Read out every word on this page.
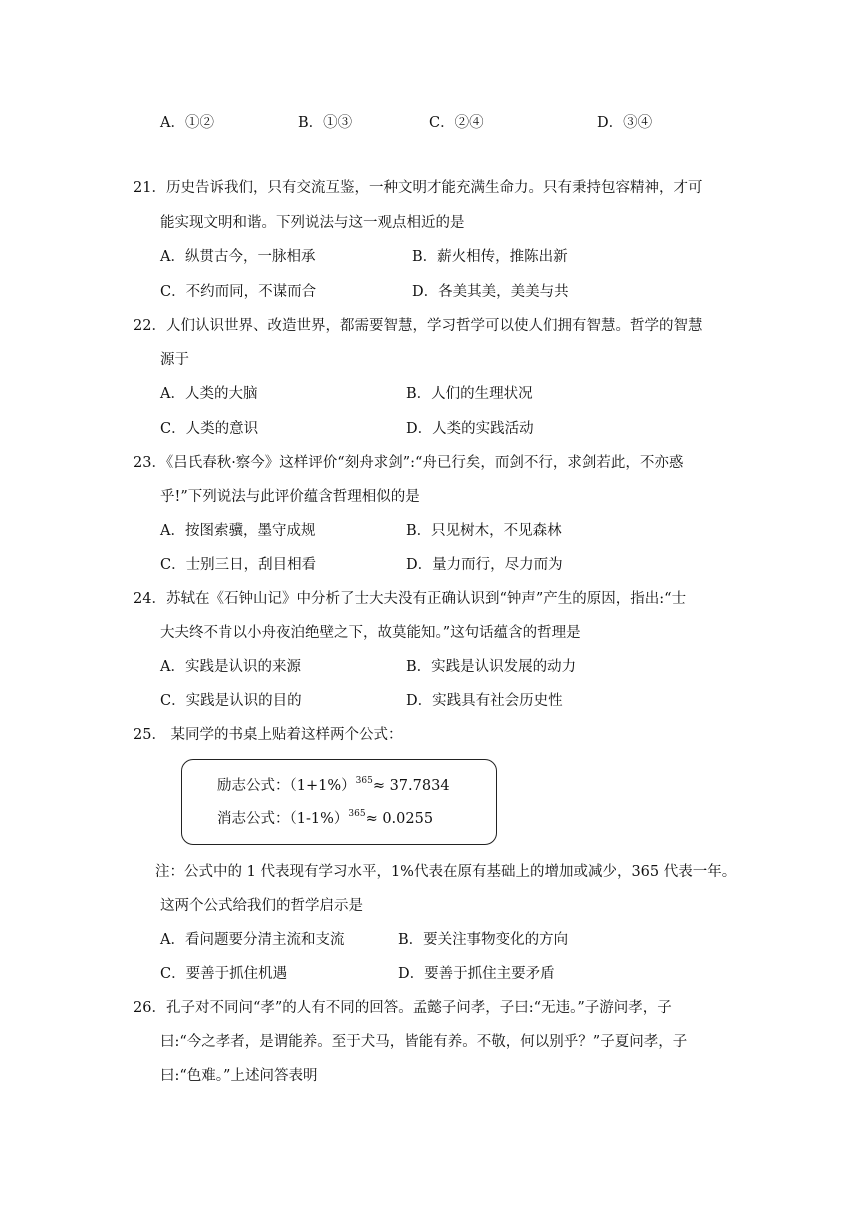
A．①②	B．①③	C．②④	D．③④
21．历史告诉我们，只有交流互鉴，一种文明才能充满生命力。只有秉持包容精神，才可
能实现文明和谐。下列说法与这一观点相近的是
A．纵贯古今，一脉相承	B．薪火相传，推陈出新
C．不约而同，不谋而合	D．各美其美，美美与共
22．人们认识世界、改造世界，都需要智慧，学习哲学可以使人们拥有智慧。哲学的智慧
源于
A．人类的大脑	B．人们的生理状况
C．人类的意识	D．人类的实践活动
23．《吕氏春秋·察今》这样评价“刻舟求剑”:“舟已行矣，而剑不行，求剑若此，不亦惑
乎!”下列说法与此评价蕴含哲理相似的是
A．按图索骥，墨守成规	B．只见树木，不见森林
C．士别三日，刮目相看	D．量力而行，尽力而为
24．苏轼在《石钟山记》中分析了士大夫没有正确认识到“钟声”产生的原因，指出:“士
大夫终不肯以小舟夜泊绝壁之下，故莫能知。”这句话蕴含的哲理是
A．实践是认识的来源	B．实践是认识发展的动力
C．实践是认识的目的	D．实践具有社会历史性
25． 某同学的书桌上贴着这样两个公式：
励志公式：$(1+1\%)^{365}\approx 37.7834$
消志公式：$(1-1\%)^{365}\approx 0.0255$
注：公式中的 1 代表现有学习水平，1%代表在原有基础上的增加或减少，365 代表一年。
这两个公式给我们的哲学启示是
A．看问题要分清主流和支流	B．要关注事物变化的方向
C．要善于抓住机遇	D．要善于抓住主要矛盾
26．孔子对不同问“孝”的人有不同的回答。孟懿子问孝，子曰:“无违。”子游问孝，子
曰:“今之孝者，是谓能养。至于犬马，皆能有养。不敬，何以别乎？”子夏问孝，子
曰:“色难。”上述问答表明
